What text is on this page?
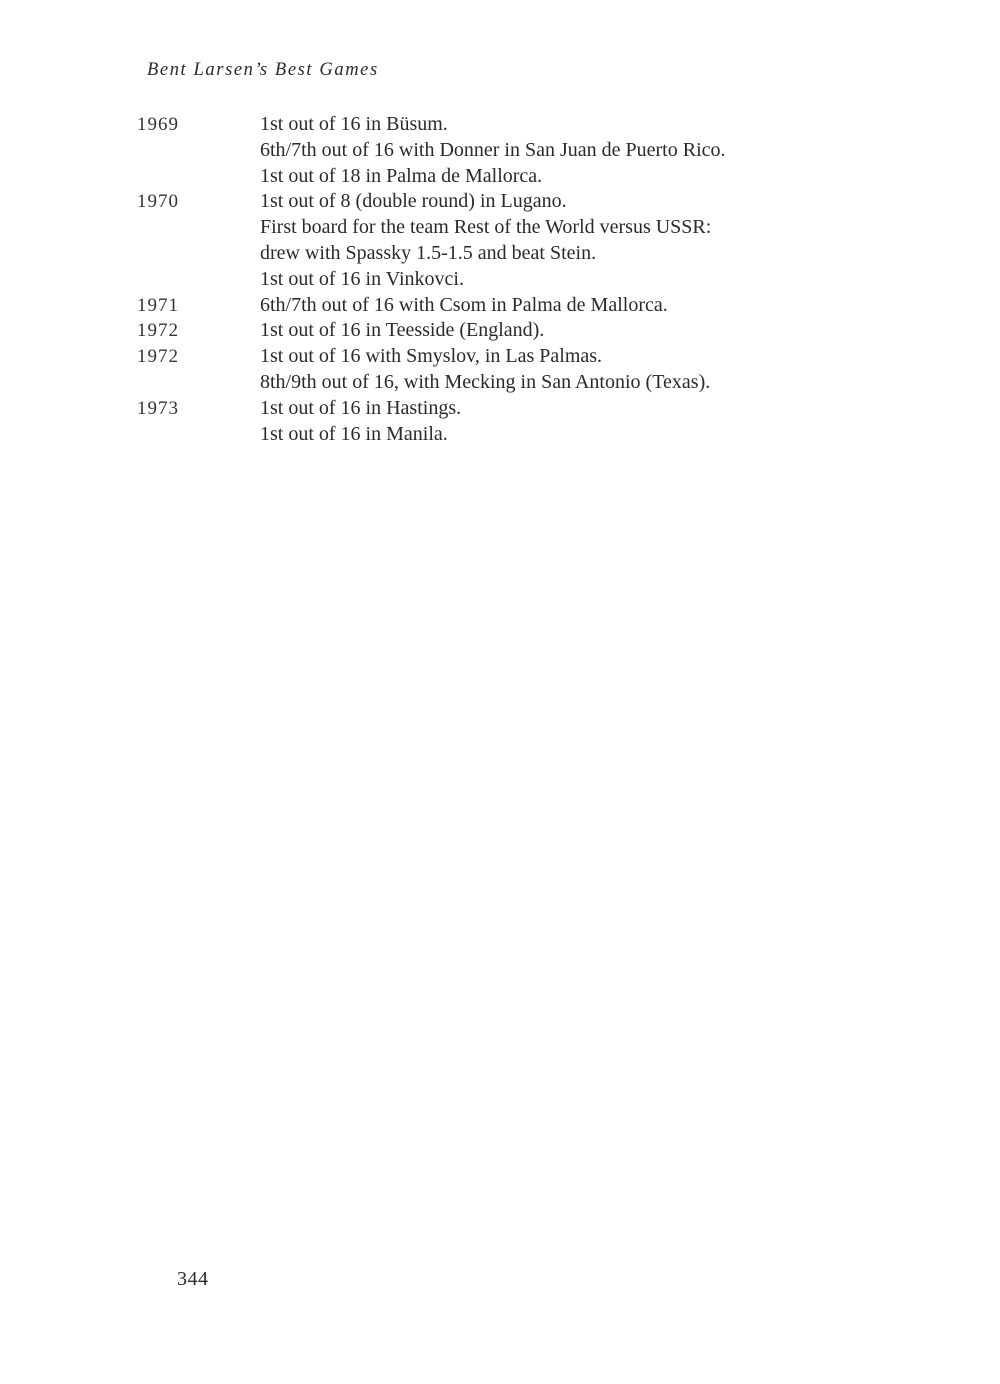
Bent Larsen’s Best Games
1969	1st out of 16 in Büsum.
6th/7th out of 16 with Donner in San Juan de Puerto Rico.
1st out of 18 in Palma de Mallorca.
1970	1st out of 8 (double round) in Lugano.
First board for the team Rest of the World versus USSR:
drew with Spassky 1.5-1.5 and beat Stein.
1st out of 16 in Vinkovci.
1971	6th/7th out of 16 with Csom in Palma de Mallorca.
1972	1st out of 16 in Teesside (England).
1972	1st out of 16 with Smyslov, in Las Palmas.
8th/9th out of 16, with Mecking in San Antonio (Texas).
1973	1st out of 16 in Hastings.
1st out of 16 in Manila.
344
